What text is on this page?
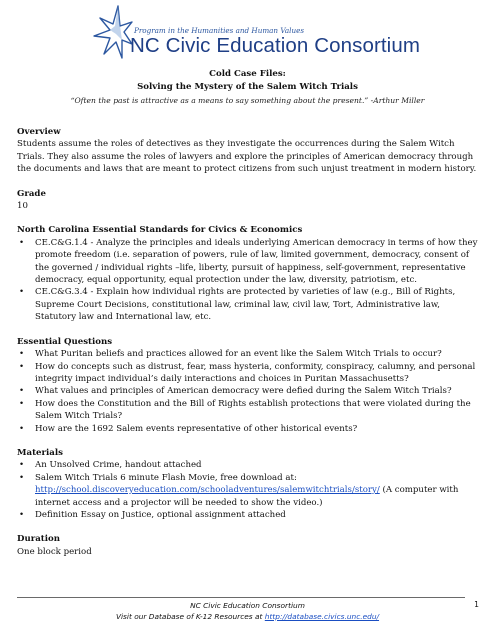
Program in the Humanities and Human Values
NC Civic Education Consortium
Cold Case Files:
Solving the Mystery of the Salem Witch Trials
“Often the past is attractive as a means to say something about the present.” -Arthur Miller
Overview

Students assume the roles of detectives as they investigate the occurrences during the Salem Witch Trials. They also assume the roles of lawyers and explore the principles of American democracy through the documents and laws that are meant to protect citizens from such unjust treatment in modern history.

Grade

10

North Carolina Essential Standards for Civics & Economics
• CE.C&G.1.4 - Analyze the principles and ideals underlying American democracy in terms of how they promote freedom (i.e. separation of powers, rule of law, limited government, democracy, consent of the governed / individual rights –life, liberty, pursuit of happiness, self-government, representative democracy, equal opportunity, equal protection under the law, diversity, patriotism, etc.
• CE.C&G.3.4 - Explain how individual rights are protected by varieties of law (e.g., Bill of Rights, Supreme Court Decisions, constitutional law, criminal law, civil law, Tort, Administrative law, Statutory law and International law, etc.
Essential Questions
• What Puritan beliefs and practices allowed for an event like the Salem Witch Trials to occur?
• How do concepts such as distrust, fear, mass hysteria, conformity, conspiracy, calumny, and personal integrity impact individual’s daily interactions and choices in Puritan Massachusetts?
• What values and principles of American democracy were defied during the Salem Witch Trials?
• How does the Constitution and the Bill of Rights establish protections that were violated during the Salem Witch Trials?
• How are the 1692 Salem events representative of other historical events?
Materials
• An Unsolved Crime, handout attached
• Salem Witch Trials 6 minute Flash Movie, free download at:
http://school.discoveryeducation.com/schooladventures/salemwitchtrials/story/ (A computer with internet access and a projector will be needed to show the video.)
• Definition Essay on Justice, optional assignment attached
Duration

One block period

NC Civic Education Consortium
Visit our Database of K-12 Resources at http://database.civics.unc.edu/
1
